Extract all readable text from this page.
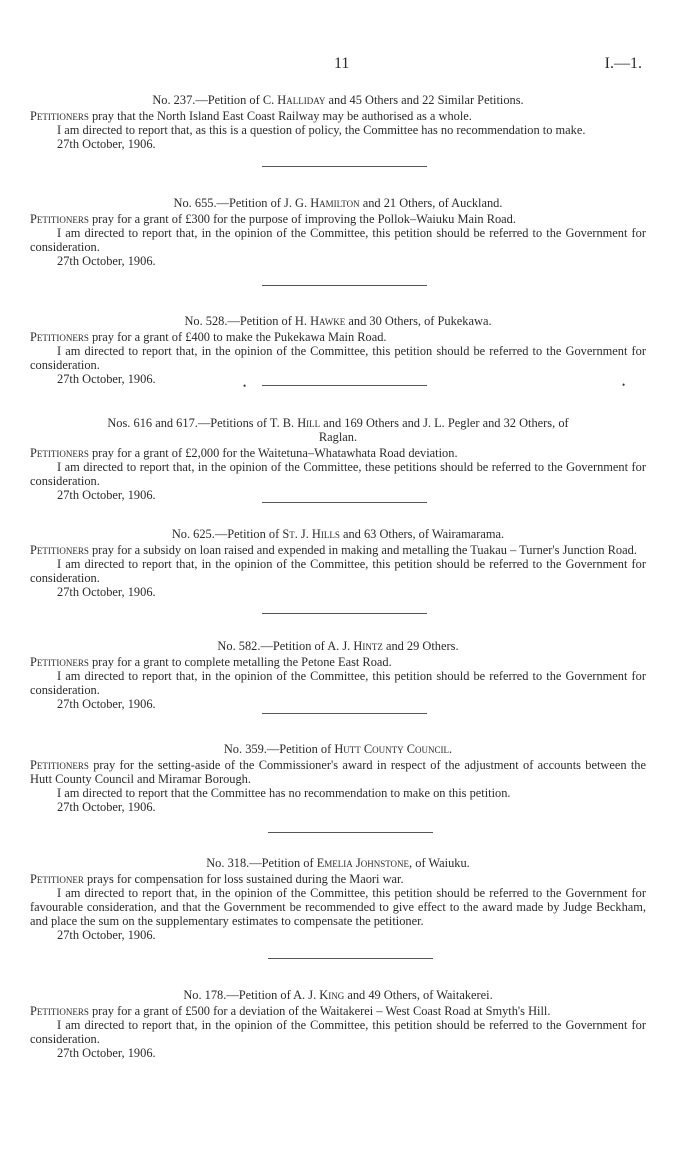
11	I.—1.
No. 237.—Petition of C. Halliday and 45 Others and 22 Similar Petitions.

Petitioners pray that the North Island East Coast Railway may be authorised as a whole.

I am directed to report that, as this is a question of policy, the Committee has no recommendation to make.

27th October, 1906.
No. 655.—Petition of J. G. Hamilton and 21 Others, of Auckland.

Petitioners pray for a grant of £300 for the purpose of improving the Pollok–Waiuku Main Road.

I am directed to report that, in the opinion of the Committee, this petition should be referred to the Government for consideration.

27th October, 1906.
No. 528.—Petition of H. Hawke and 30 Others, of Pukekawa.

Petitioners pray for a grant of £400 to make the Pukekawa Main Road.

I am directed to report that, in the opinion of the Committee, this petition should be referred to the Government for consideration.

27th October, 1906.	•	•
Nos. 616 and 617.—Petitions of T. B. Hill and 169 Others and J. L. Pegler and 32 Others, of
Raglan.

Petitioners pray for a grant of £2,000 for the Waitetuna–Whatawhata Road deviation.

I am directed to report that, in the opinion of the Committee, these petitions should be referred to the Government for consideration.

27th October, 1906.
No. 625.—Petition of St. J. Hills and 63 Others, of Wairamarama.

Petitioners pray for a subsidy on loan raised and expended in making and metalling the Tuakau – Turner's Junction Road.

I am directed to report that, in the opinion of the Committee, this petition should be referred to the Government for consideration.

27th October, 1906.
No. 582.—Petition of A. J. Hintz and 29 Others.

Petitioners pray for a grant to complete metalling the Petone East Road.

I am directed to report that, in the opinion of the Committee, this petition should be referred to the Government for consideration.

27th October, 1906.
No. 359.—Petition of Hutt County Council.

Petitioners pray for the setting-aside of the Commissioner's award in respect of the adjustment of accounts between the Hutt County Council and Miramar Borough.

I am directed to report that the Committee has no recommendation to make on this petition.

27th October, 1906.
No. 318.—Petition of Emelia Johnstone, of Waiuku.

Petitioner prays for compensation for loss sustained during the Maori war.

I am directed to report that, in the opinion of the Committee, this petition should be referred to the Government for favourable consideration, and that the Government be recommended to give effect to the award made by Judge Beckham, and place the sum on the supplementary estimates to compensate the petitioner.

27th October, 1906.
No. 178.—Petition of A. J. King and 49 Others, of Waitakerei.

Petitioners pray for a grant of £500 for a deviation of the Waitakerei – West Coast Road at Smyth's Hill.

I am directed to report that, in the opinion of the Committee, this petition should be referred to the Government for consideration.

27th October, 1906.
